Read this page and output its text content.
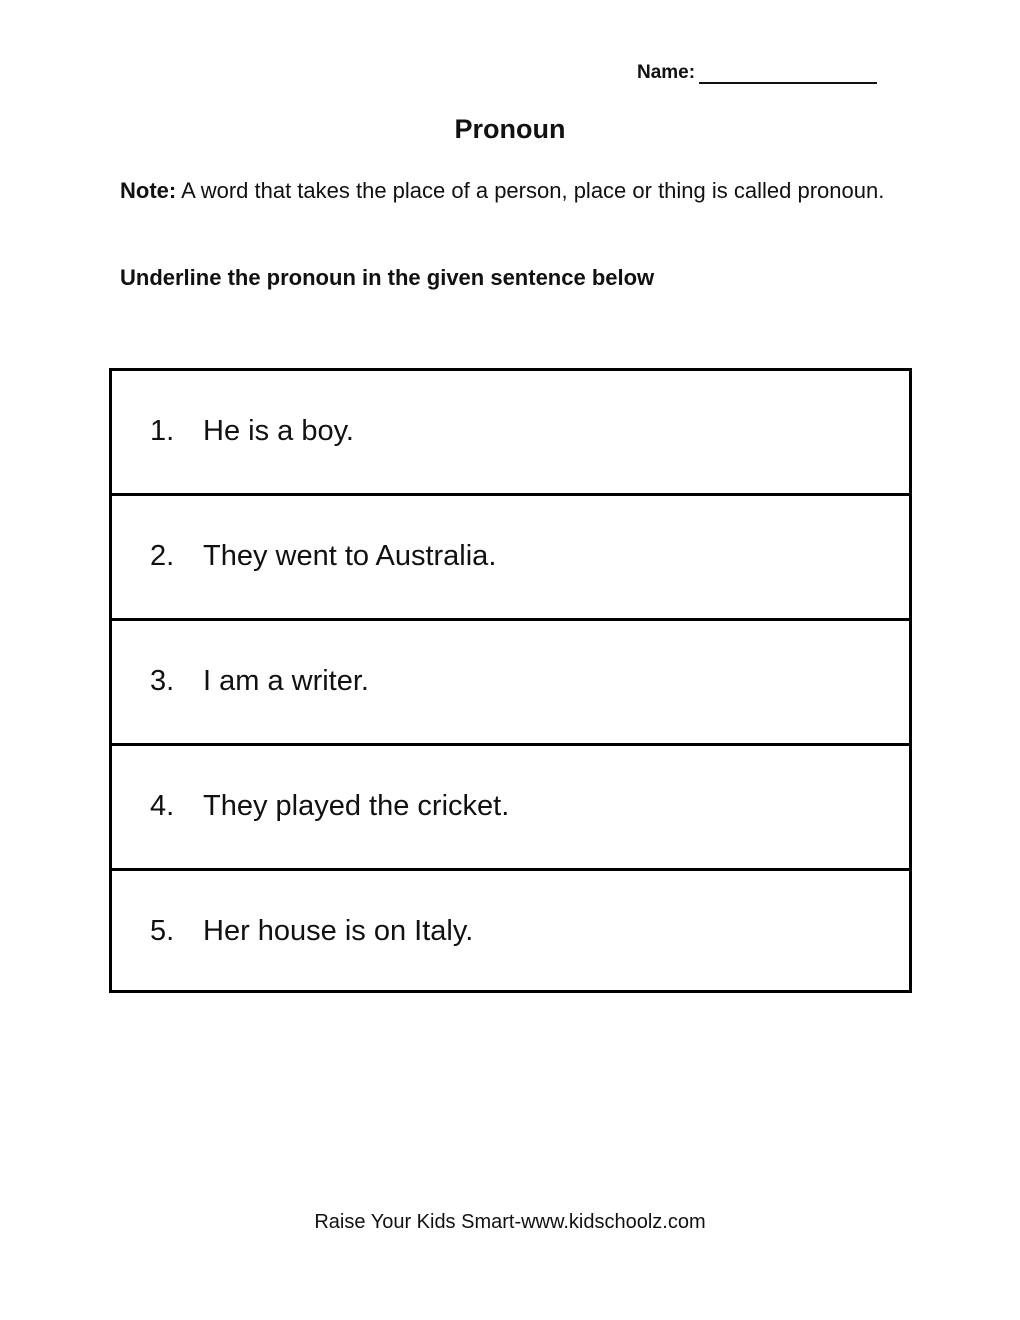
Name:
Pronoun
Note: A word that takes the place of a person, place or thing is called pronoun.
Underline the pronoun in the given sentence below
1. He is a boy.
2. They went to Australia.
3. I am a writer.
4. They played the cricket.
5. Her house is on Italy.
Raise Your Kids Smart-www.kidschoolz.com
